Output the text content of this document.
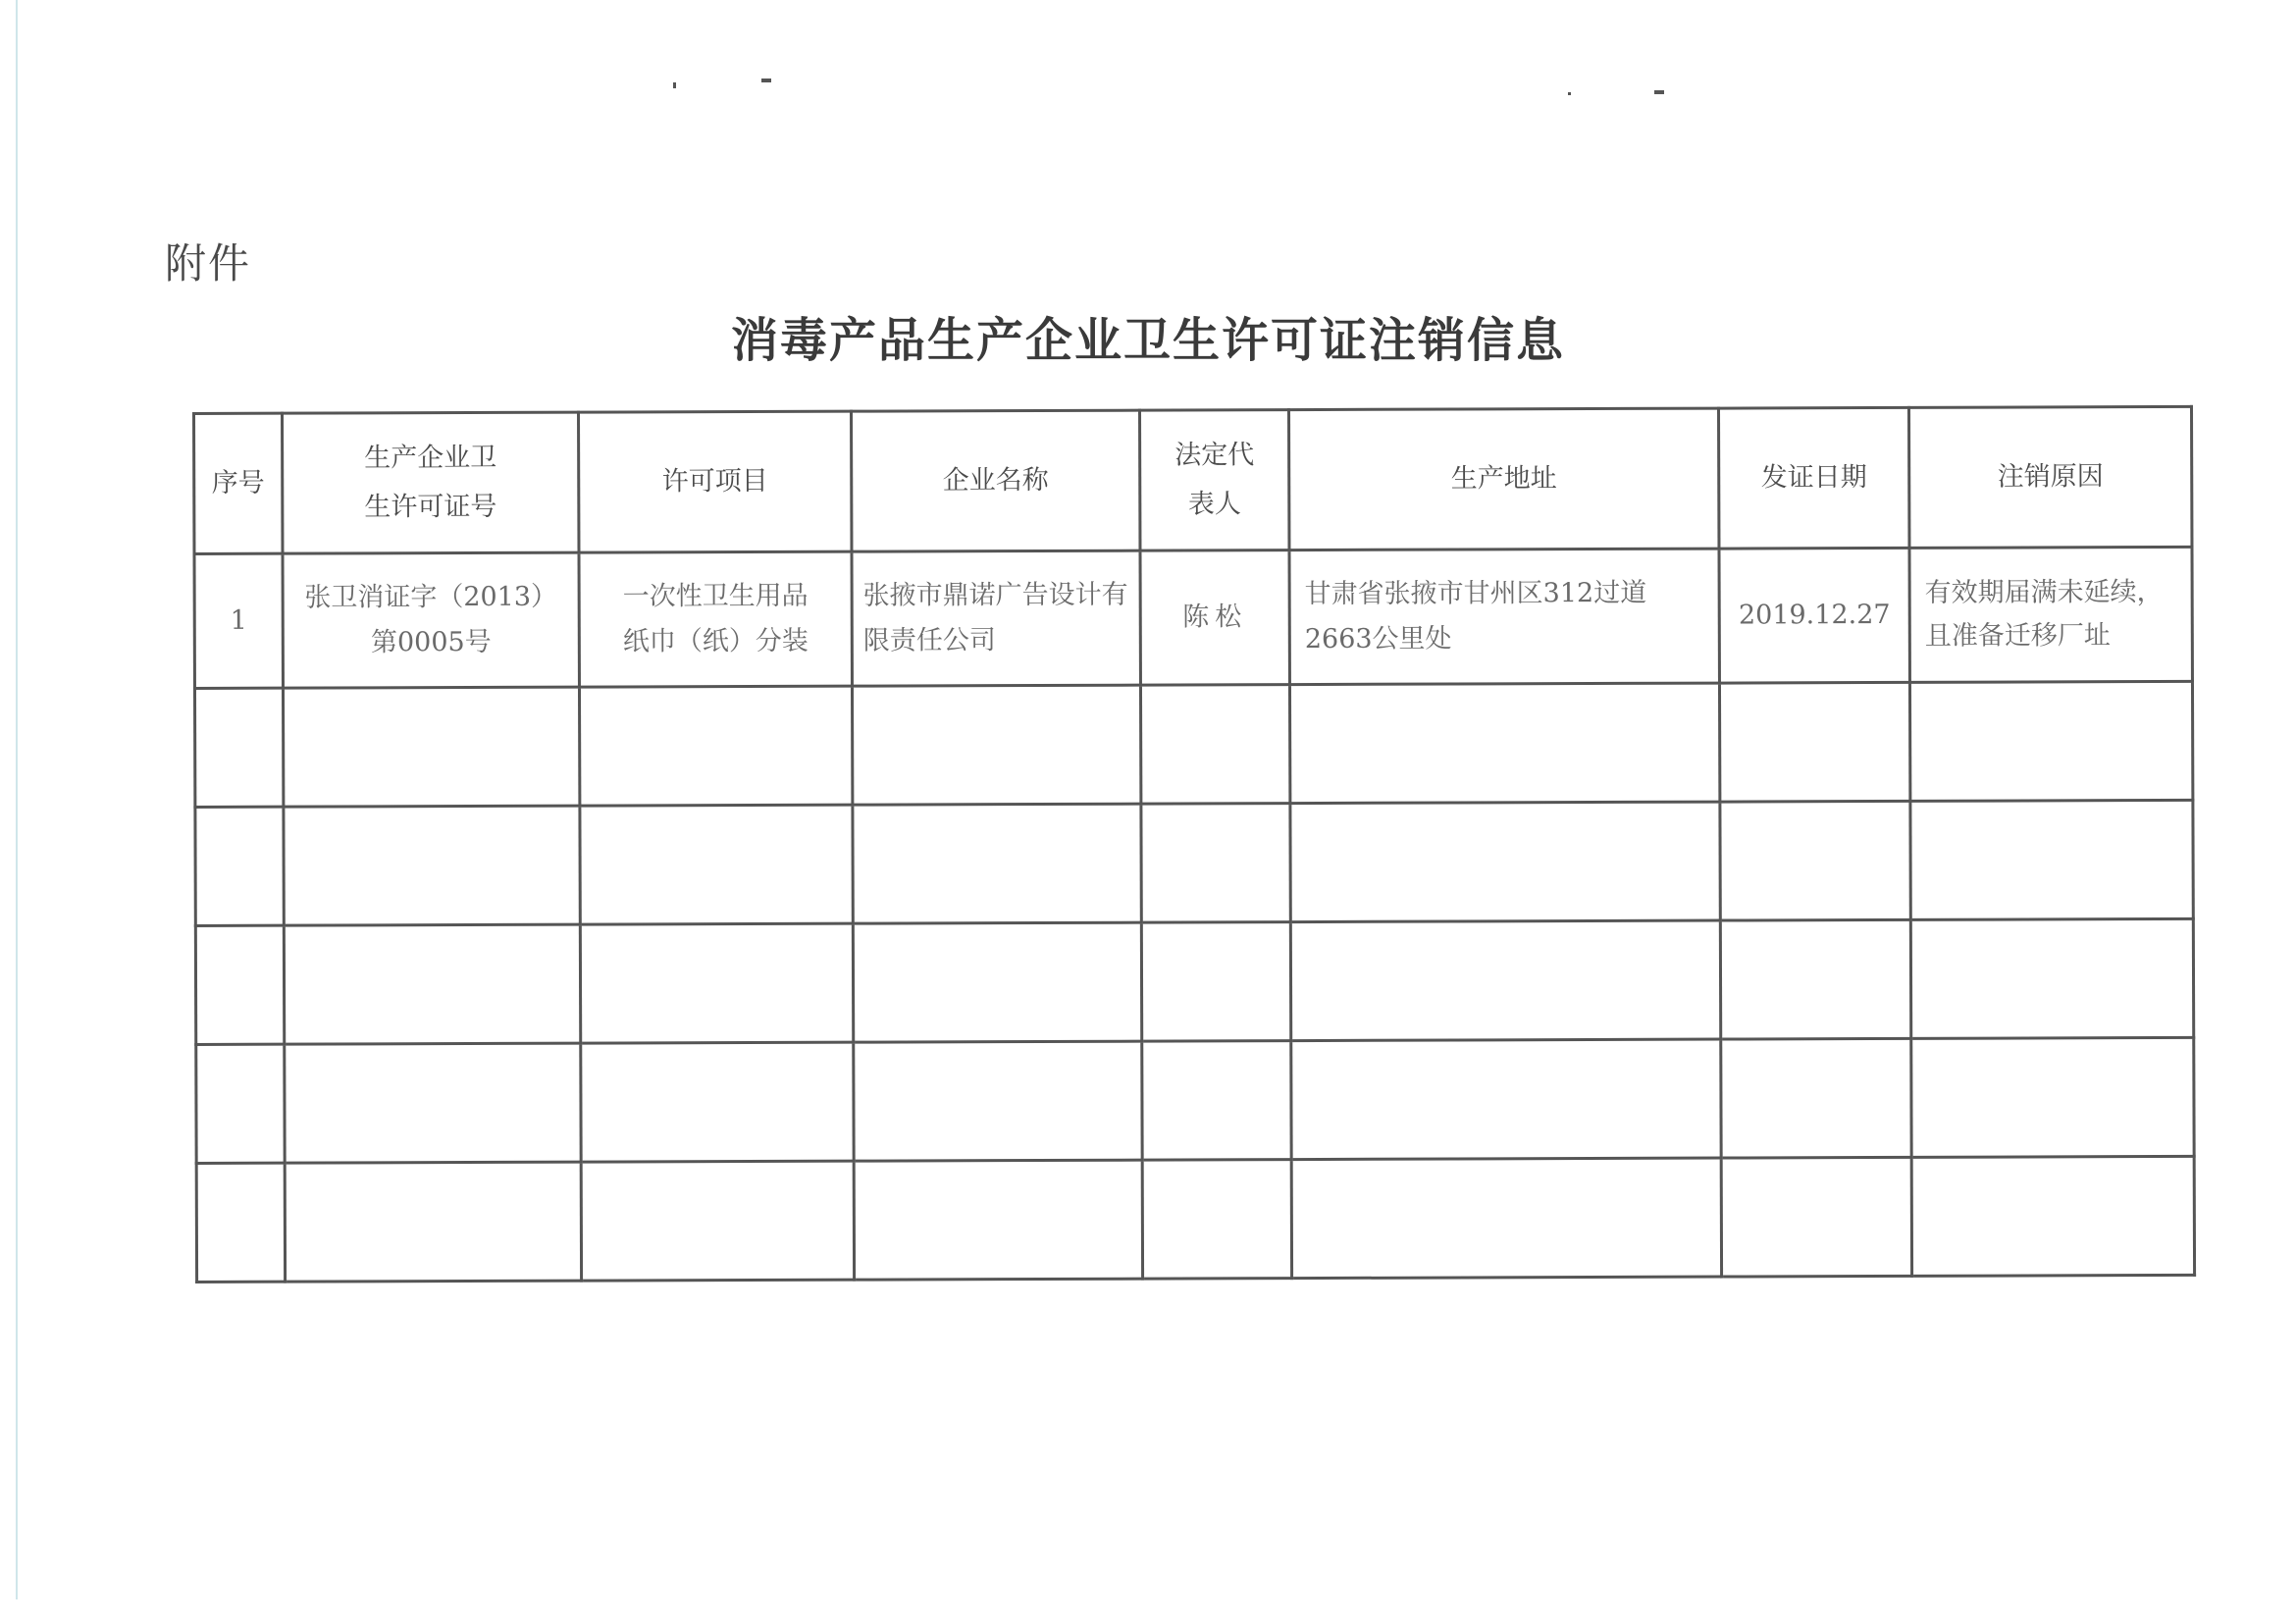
附件
消毒产品生产企业卫生许可证注销信息
序号	生产企业卫生许可证号	许可项目	企业名称	法定代表人	生产地址	发证日期	注销原因
1	张卫消证字（2013）第0005号	一次性卫生用品纸巾（纸）分装	张掖市鼎诺广告设计有限责任公司	陈松	甘肃省张掖市甘州区312过道2663公里处	2019.12.27	有效期届满未延续，且准备迁移厂址
